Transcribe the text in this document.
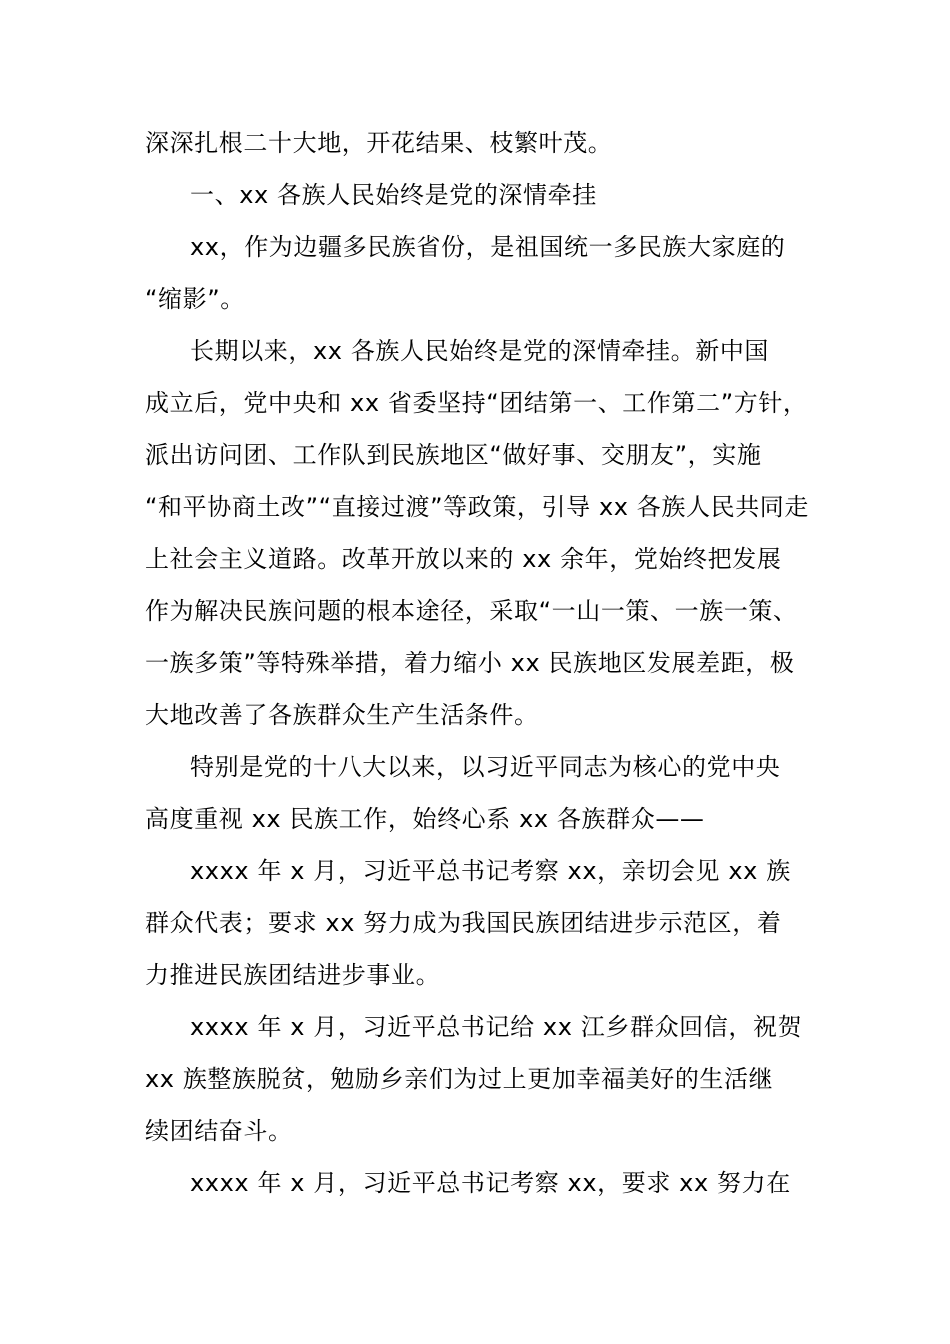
深深扎根二十大地，开花结果、枝繁叶茂。
一、xx 各族人民始终是党的深情牵挂
xx，作为边疆多民族省份，是祖国统一多民族大家庭的
“缩影”。
长期以来，xx 各族人民始终是党的深情牵挂。新中国
成立后，党中央和 xx 省委坚持“团结第一、工作第二”方针，
派出访问团、工作队到民族地区“做好事、交朋友”，实施
“和平协商土改”“直接过渡”等政策，引导 xx 各族人民共同走
上社会主义道路。改革开放以来的 xx 余年，党始终把发展
作为解决民族问题的根本途径，采取“一山一策、一族一策、
一族多策”等特殊举措，着力缩小 xx 民族地区发展差距，极
大地改善了各族群众生产生活条件。
特别是党的十八大以来，以习近平同志为核心的党中央
高度重视 xx 民族工作，始终心系 xx 各族群众——
xxxx 年 x 月，习近平总书记考察 xx，亲切会见 xx 族
群众代表；要求 xx 努力成为我国民族团结进步示范区，着
力推进民族团结进步事业。
xxxx 年 x 月，习近平总书记给 xx 江乡群众回信，祝贺
xx 族整族脱贫，勉励乡亲们为过上更加幸福美好的生活继
续团结奋斗。
xxxx 年 x 月，习近平总书记考察 xx，要求 xx 努力在
